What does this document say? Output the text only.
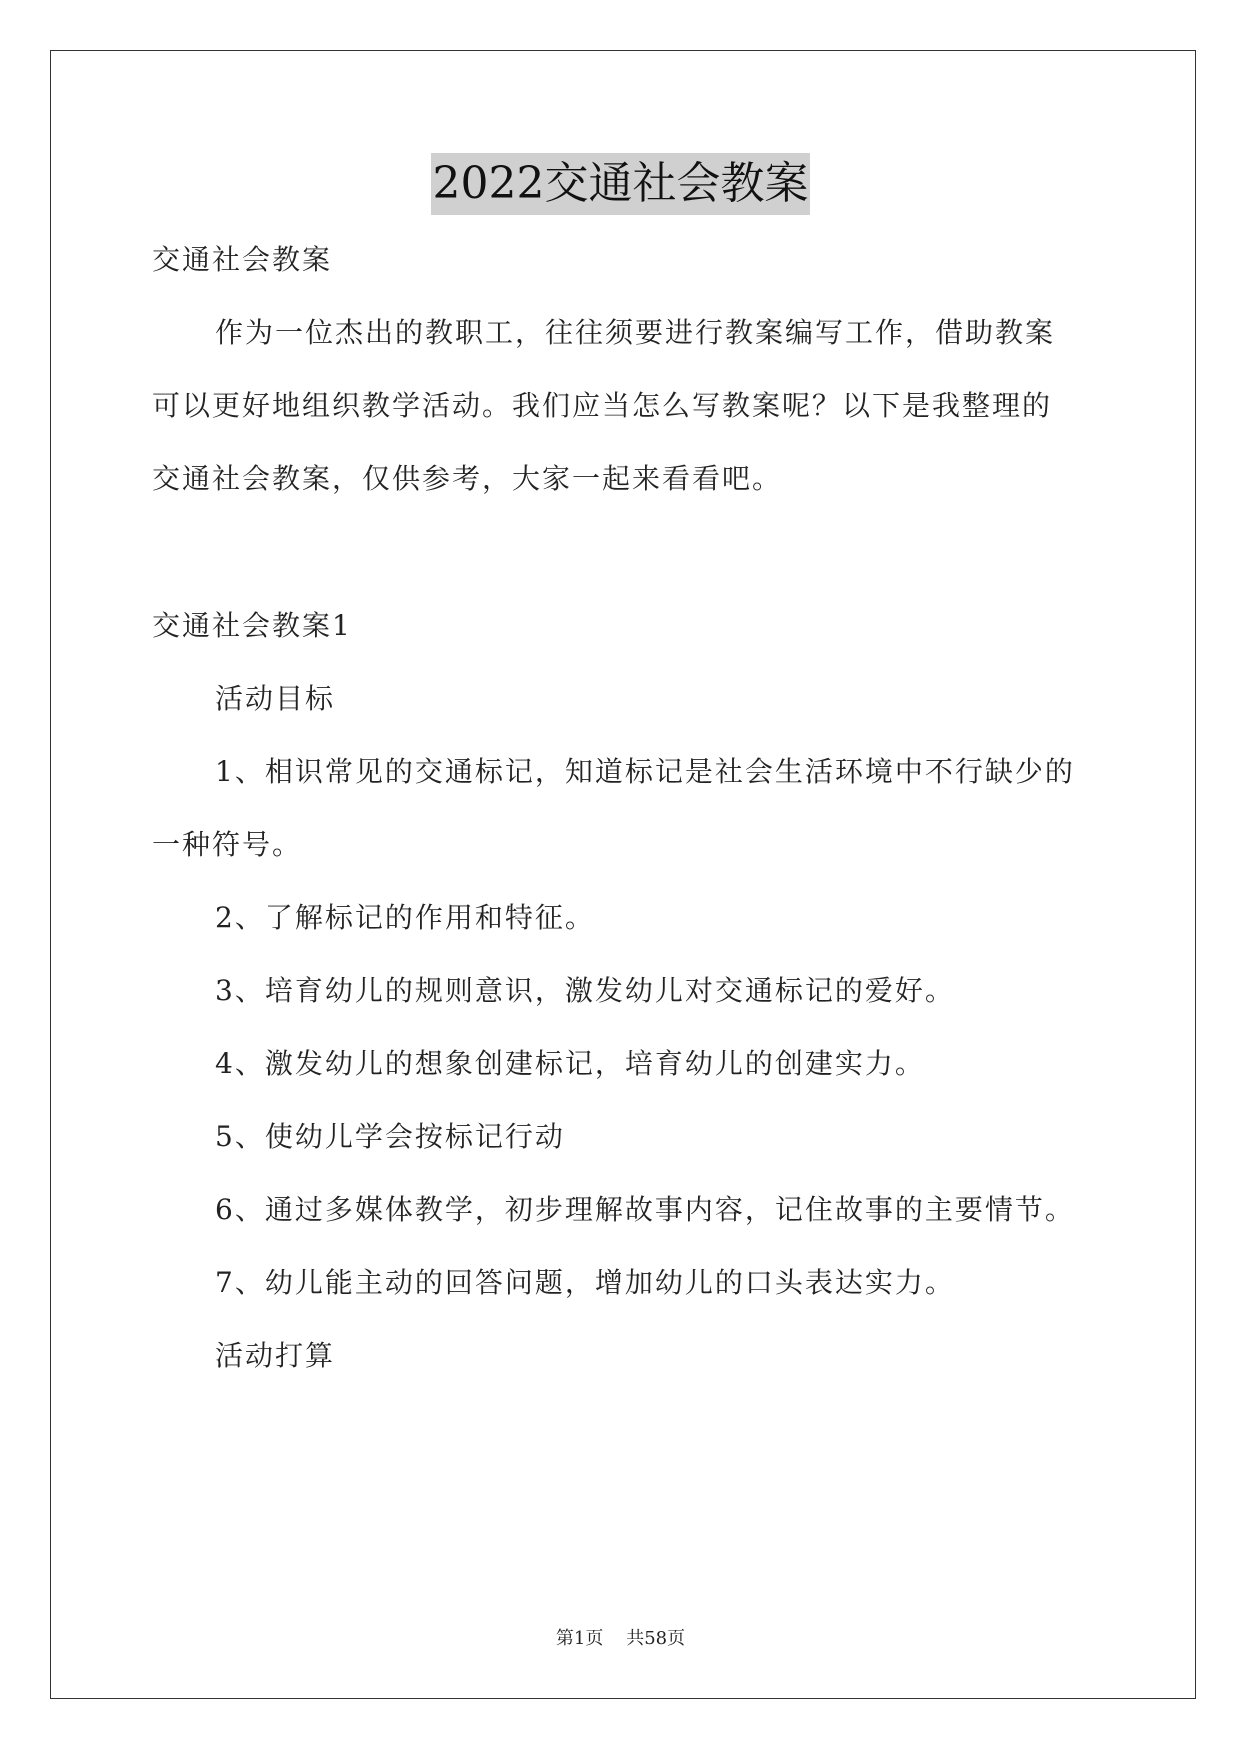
2022交通社会教案
交通社会教案
作为一位杰出的教职工，往往须要进行教案编写工作，借助教案
可以更好地组织教学活动。我们应当怎么写教案呢？以下是我整理的
交通社会教案，仅供参考，大家一起来看看吧。
交通社会教案1
活动目标
1、相识常见的交通标记，知道标记是社会生活环境中不行缺少的
一种符号。
2、了解标记的作用和特征。
3、培育幼儿的规则意识，激发幼儿对交通标记的爱好。
4、激发幼儿的想象创建标记，培育幼儿的创建实力。
5、使幼儿学会按标记行动
6、通过多媒体教学，初步理解故事内容，记住故事的主要情节。
7、幼儿能主动的回答问题，增加幼儿的口头表达实力。
活动打算
第1页 共58页
